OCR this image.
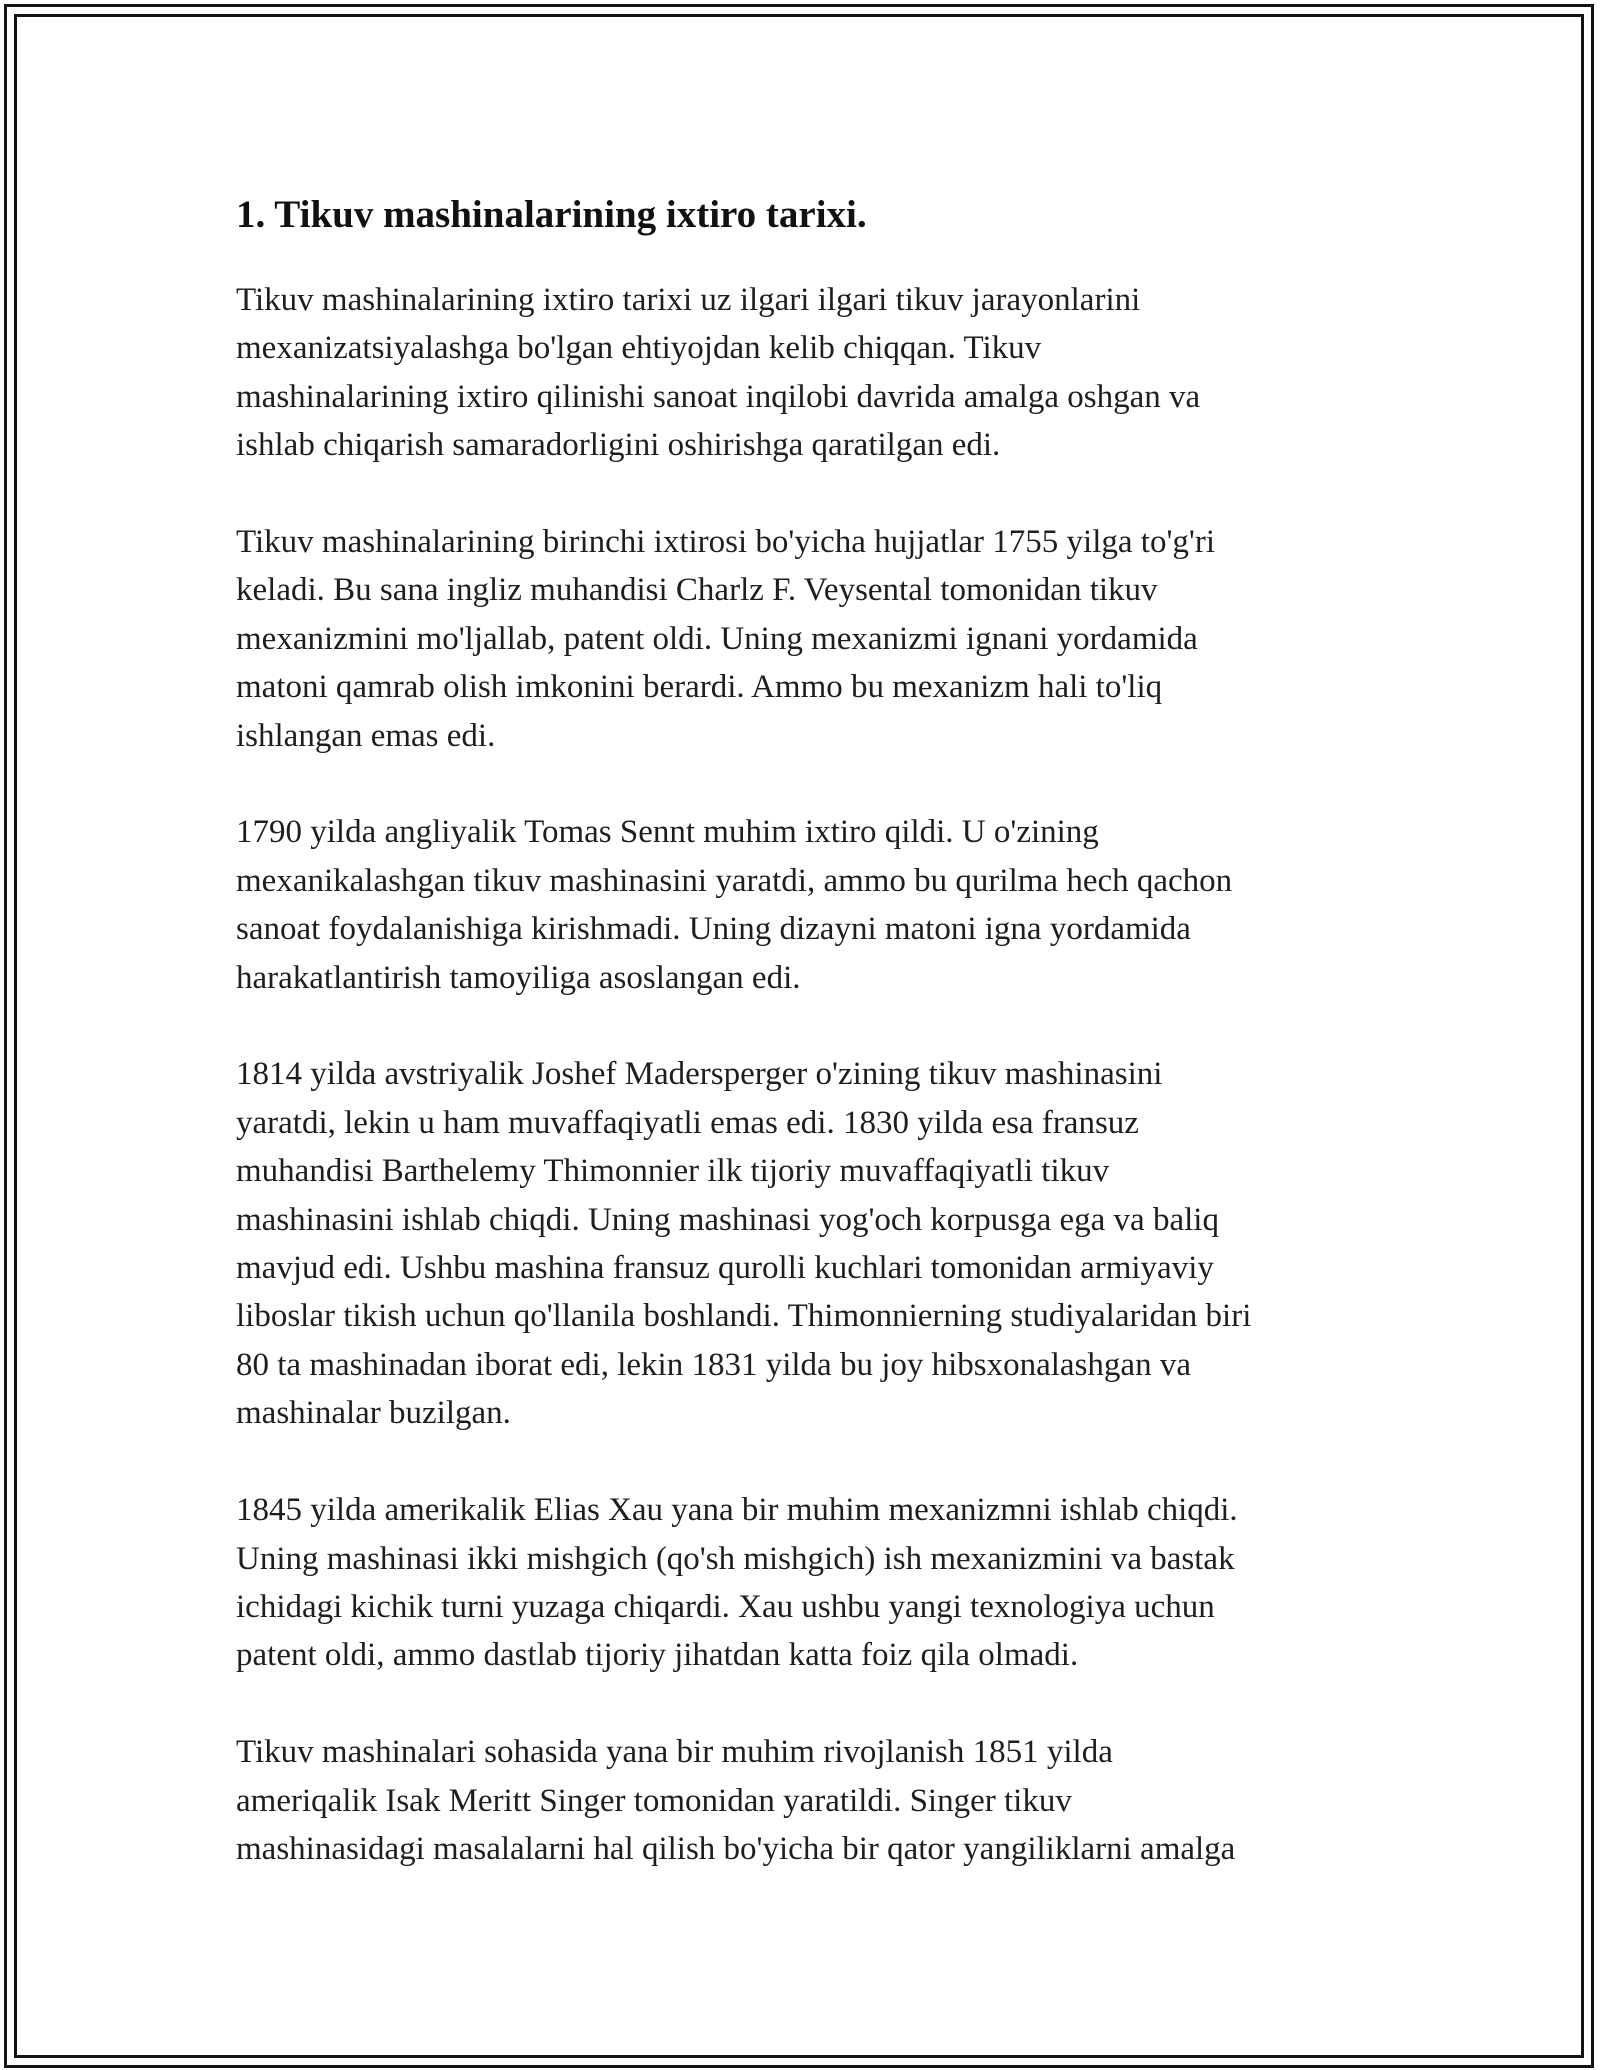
1. Tikuv mashinalarining ixtiro tarixi.

Tikuv mashinalarining ixtiro tarixi uz ilgari ilgari tikuv jarayonlarini
mexanizatsiyalashga bo'lgan ehtiyojdan kelib chiqqan. Tikuv
mashinalarining ixtiro qilinishi sanoat inqilobi davrida amalga oshgan va
ishlab chiqarish samaradorligini oshirishga qaratilgan edi.

Tikuv mashinalarining birinchi ixtirosi bo'yicha hujjatlar 1755 yilga to'g'ri
keladi. Bu sana ingliz muhandisi Charlz F. Veysental tomonidan tikuv
mexanizmini mo'ljallab, patent oldi. Uning mexanizmi ignani yordamida
matoni qamrab olish imkonini berardi. Ammo bu mexanizm hali to'liq
ishlangan emas edi.

1790 yilda angliyalik Tomas Sennt muhim ixtiro qildi. U o'zining
mexanikalashgan tikuv mashinasini yaratdi, ammo bu qurilma hech qachon
sanoat foydalanishiga kirishmadi. Uning dizayni matoni igna yordamida
harakatlantirish tamoyiliga asoslangan edi.

1814 yilda avstriyalik Joshef Madersperger o'zining tikuv mashinasini
yaratdi, lekin u ham muvaffaqiyatli emas edi. 1830 yilda esa fransuz
muhandisi Barthelemy Thimonnier ilk tijoriy muvaffaqiyatli tikuv
mashinasini ishlab chiqdi. Uning mashinasi yog'och korpusga ega va baliq
mavjud edi. Ushbu mashina fransuz qurolli kuchlari tomonidan armiyaviy
liboslar tikish uchun qo'llanila boshlandi. Thimonnierning studiyalaridan biri
80 ta mashinadan iborat edi, lekin 1831 yilda bu joy hibsxonalashgan va
mashinalar buzilgan.

1845 yilda amerikalik Elias Xau yana bir muhim mexanizmni ishlab chiqdi.
Uning mashinasi ikki mishgich (qo'sh mishgich) ish mexanizmini va bastak
ichidagi kichik turni yuzaga chiqardi. Xau ushbu yangi texnologiya uchun
patent oldi, ammo dastlab tijoriy jihatdan katta foiz qila olmadi.

Tikuv mashinalari sohasida yana bir muhim rivojlanish 1851 yilda
ameriqalik Isak Meritt Singer tomonidan yaratildi. Singer tikuv
mashinasidagi masalalarni hal qilish bo'yicha bir qator yangiliklarni amalga
